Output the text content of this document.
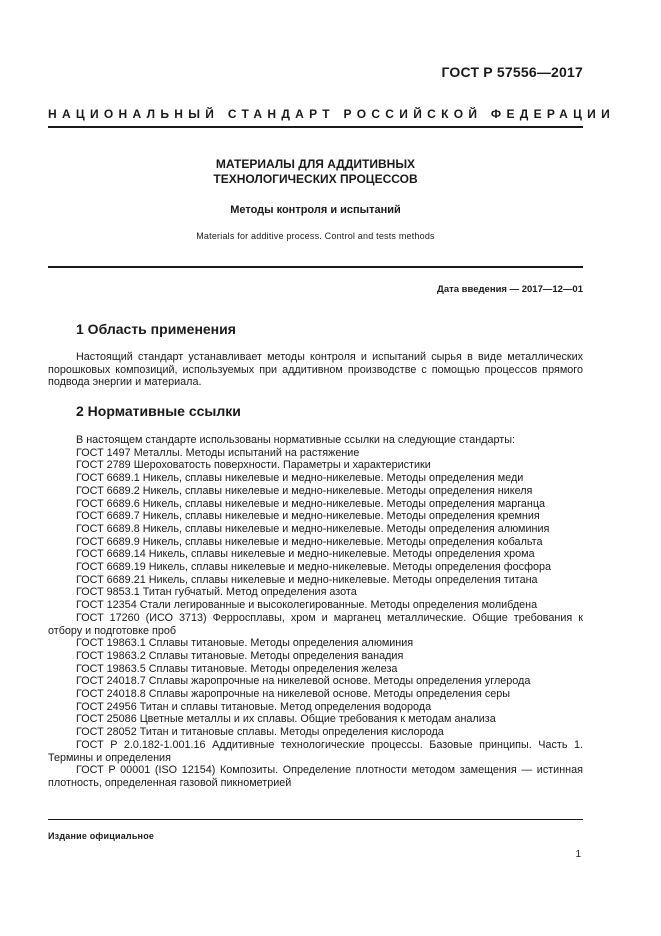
ГОСТ Р 57556—2017
НАЦИОНАЛЬНЫЙ СТАНДАРТ РОССИЙСКОЙ ФЕДЕРАЦИИ
МАТЕРИАЛЫ ДЛЯ АДДИТИВНЫХ
ТЕХНОЛОГИЧЕСКИХ ПРОЦЕССОВ
Методы контроля и испытаний
Materials for additive process. Control and tests methods
Дата введения — 2017—12—01
1 Область применения
Настоящий стандарт устанавливает методы контроля и испытаний сырья в виде металлических
порошковых композиций, используемых при аддитивном производстве с помощью процессов прямого
подвода энергии и материала.
2 Нормативные ссылки
В настоящем стандарте использованы нормативные ссылки на следующие стандарты:
ГОСТ 1497 Металлы. Методы испытаний на растяжение
ГОСТ 2789 Шероховатость поверхности. Параметры и характеристики
ГОСТ 6689.1 Никель, сплавы никелевые и медно-никелевые. Методы определения меди
ГОСТ 6689.2 Никель, сплавы никелевые и медно-никелевые. Методы определения никеля
ГОСТ 6689.6 Никель, сплавы никелевые и медно-никелевые. Методы определения марганца
ГОСТ 6689.7 Никель, сплавы никелевые и медно-никелевые. Методы определения кремния
ГОСТ 6689.8 Никель, сплавы никелевые и медно-никелевые. Методы определения алюминия
ГОСТ 6689.9 Никель, сплавы никелевые и медно-никелевые. Методы определения кобальта
ГОСТ 6689.14 Никель, сплавы никелевые и медно-никелевые. Методы определения хрома
ГОСТ 6689.19 Никель, сплавы никелевые и медно-никелевые. Методы определения фосфора
ГОСТ 6689.21 Никель, сплавы никелевые и медно-никелевые. Методы определения титана
ГОСТ 9853.1 Титан губчатый. Метод определения азота
ГОСТ 12354 Стали легированные и высоколегированные. Методы определения молибдена
ГОСТ 17260 (ИСО 3713) Ферросплавы, хром и марганец металлические. Общие требования к
отбору и подготовке проб
ГОСТ 19863.1 Сплавы титановые. Методы определения алюминия
ГОСТ 19863.2 Сплавы титановые. Методы определения ванадия
ГОСТ 19863.5 Сплавы титановые. Методы определения железа
ГОСТ 24018.7 Сплавы жаропрочные на никелевой основе. Методы определения углерода
ГОСТ 24018.8 Сплавы жаропрочные на никелевой основе. Методы определения серы
ГОСТ 24956 Титан и сплавы титановые. Метод определения водорода
ГОСТ 25086 Цветные металлы и их сплавы. Общие требования к методам анализа
ГОСТ 28052 Титан и титановые сплавы. Методы определения кислорода
ГОСТ Р 2.0.182-1.001.16 Аддитивные технологические процессы. Базовые принципы. Часть 1.
Термины и определения
ГОСТ Р 00001 (ISO 12154) Композиты. Определение плотности методом замещения — истинная
плотность, определенная газовой пикнометрией
Издание официальное
1
